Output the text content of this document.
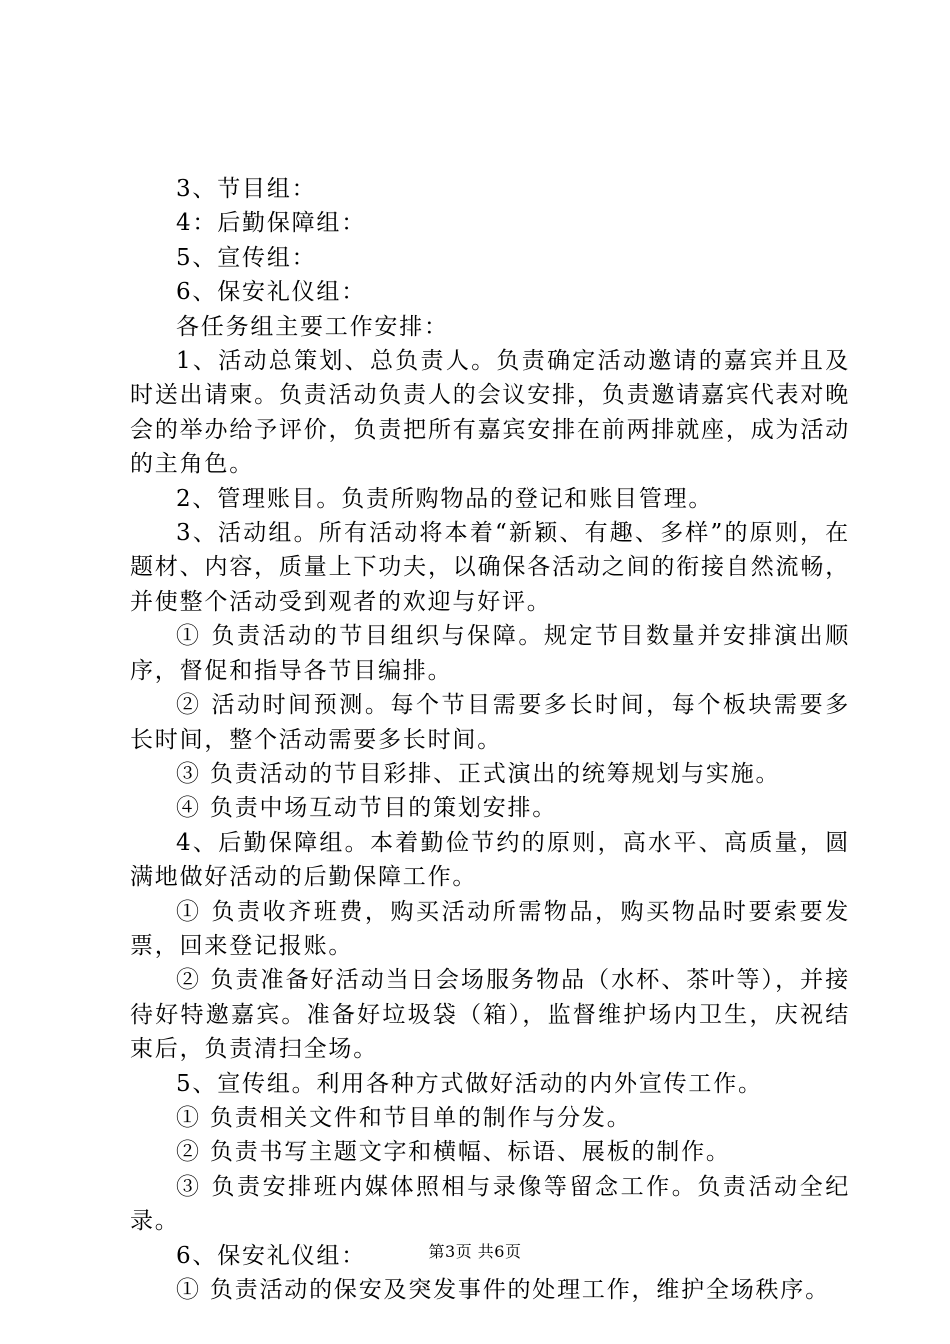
3、节目组：

4：后勤保障组：

5、宣传组：

6、保安礼仪组：

各任务组主要工作安排：

1、活动总策划、总负责人。负责确定活动邀请的嘉宾并且及时送出请柬。负责活动负责人的会议安排，负责邀请嘉宾代表对晚会的举办给予评价，负责把所有嘉宾安排在前两排就座，成为活动的主角色。

2、管理账目。负责所购物品的登记和账目管理。

3、活动组。所有活动将本着“新颖、有趣、多样”的原则，在题材、内容，质量上下功夫，以确保各活动之间的衔接自然流畅，并使整个活动受到观者的欢迎与好评。

① 负责活动的节目组织与保障。规定节目数量并安排演出顺序，督促和指导各节目编排。

② 活动时间预测。每个节目需要多长时间，每个板块需要多长时间，整个活动需要多长时间。

③ 负责活动的节目彩排、正式演出的统筹规划与实施。

④ 负责中场互动节目的策划安排。

4、后勤保障组。本着勤俭节约的原则，高水平、高质量，圆满地做好活动的后勤保障工作。

① 负责收齐班费，购买活动所需物品，购买物品时要索要发票，回来登记报账。

② 负责准备好活动当日会场服务物品（水杯、茶叶等），并接待好特邀嘉宾。准备好垃圾袋（箱），监督维护场内卫生，庆祝结束后，负责清扫全场。

5、宣传组。利用各种方式做好活动的内外宣传工作。

① 负责相关文件和节目单的制作与分发。

② 负责书写主题文字和横幅、标语、展板的制作。

③ 负责安排班内媒体照相与录像等留念工作。负责活动全纪录。

6、保安礼仪组：

① 负责活动的保安及突发事件的处理工作，维护全场秩序。

第3页 共6页
